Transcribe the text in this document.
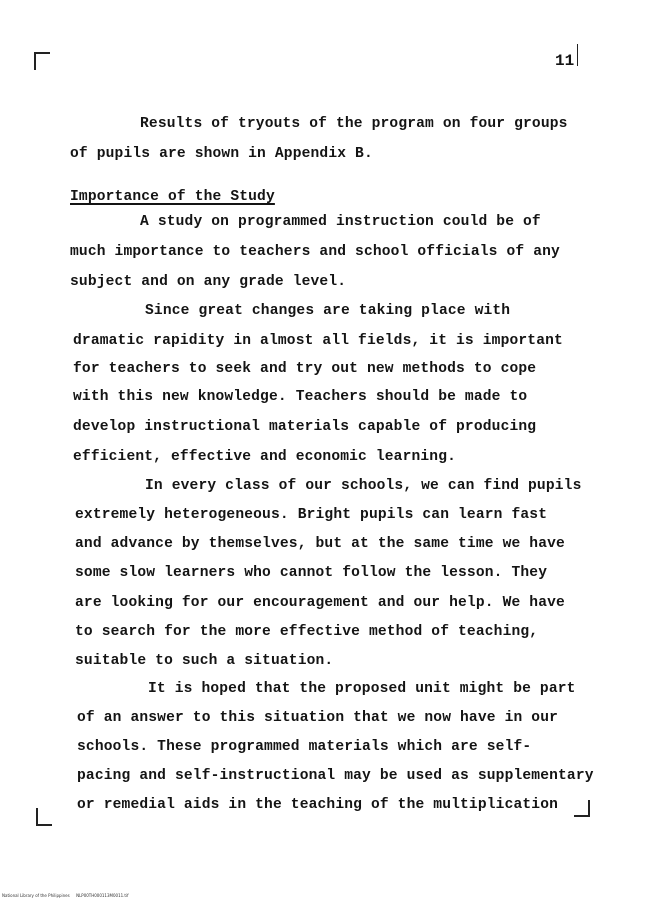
11
Results of tryouts of the program on four groups
of pupils are shown in Appendix B.
Importance of the Study
A study on programmed instruction could be of
much importance to teachers and school officials of any
subject and on any grade level.
Since great changes are taking place with
dramatic rapidity in almost all fields, it is important
for teachers to seek and try out new methods to cope
with this new knowledge. Teachers should be made to
develop instructional materials capable of producing
efficient, effective and economic learning.
In every class of our schools, we can find pupils
extremely heterogeneous. Bright pupils can learn fast
and advance by themselves, but at the same time we have
some slow learners who cannot follow the lesson. They
are looking for our encouragement and our help. We have
to search for the more effective method of teaching,
suitable to such a situation.
It is hoped that the proposed unit might be part
of an answer to this situation that we now have in our
schools. These programmed materials which are self-
pacing and self-instructional may be used as supplementary
or remedial aids in the teaching of the multiplication
National Library of the Philippines NLP00TH000113M0011.tif
